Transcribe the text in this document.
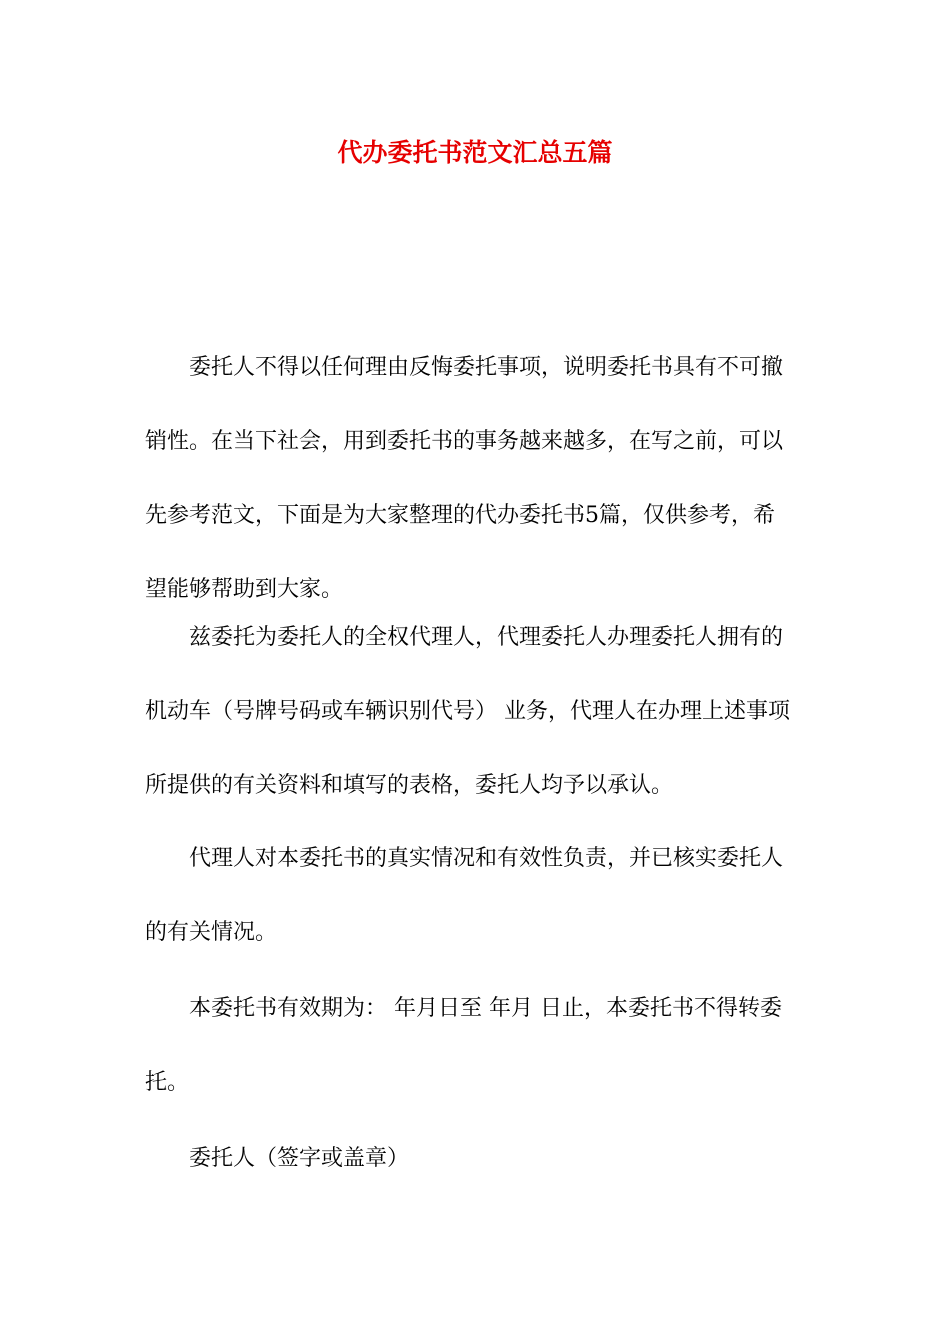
代办委托书范文汇总五篇
委托人不得以任何理由反悔委托事项，说明委托书具有不可撤
销性。在当下社会，用到委托书的事务越来越多，在写之前，可以
先参考范文，下面是为大家整理的代办委托书5篇，仅供参考，希
望能够帮助到大家。
兹委托为委托人的全权代理人，代理委托人办理委托人拥有的
机动车（号牌号码或车辆识别代号） 业务，代理人在办理上述事项
所提供的有关资料和填写的表格，委托人均予以承认。
代理人对本委托书的真实情况和有效性负责，并已核实委托人
的有关情况。
本委托书有效期为： 年月日至 年月 日止，本委托书不得转委
托。
委托人（签字或盖章）
